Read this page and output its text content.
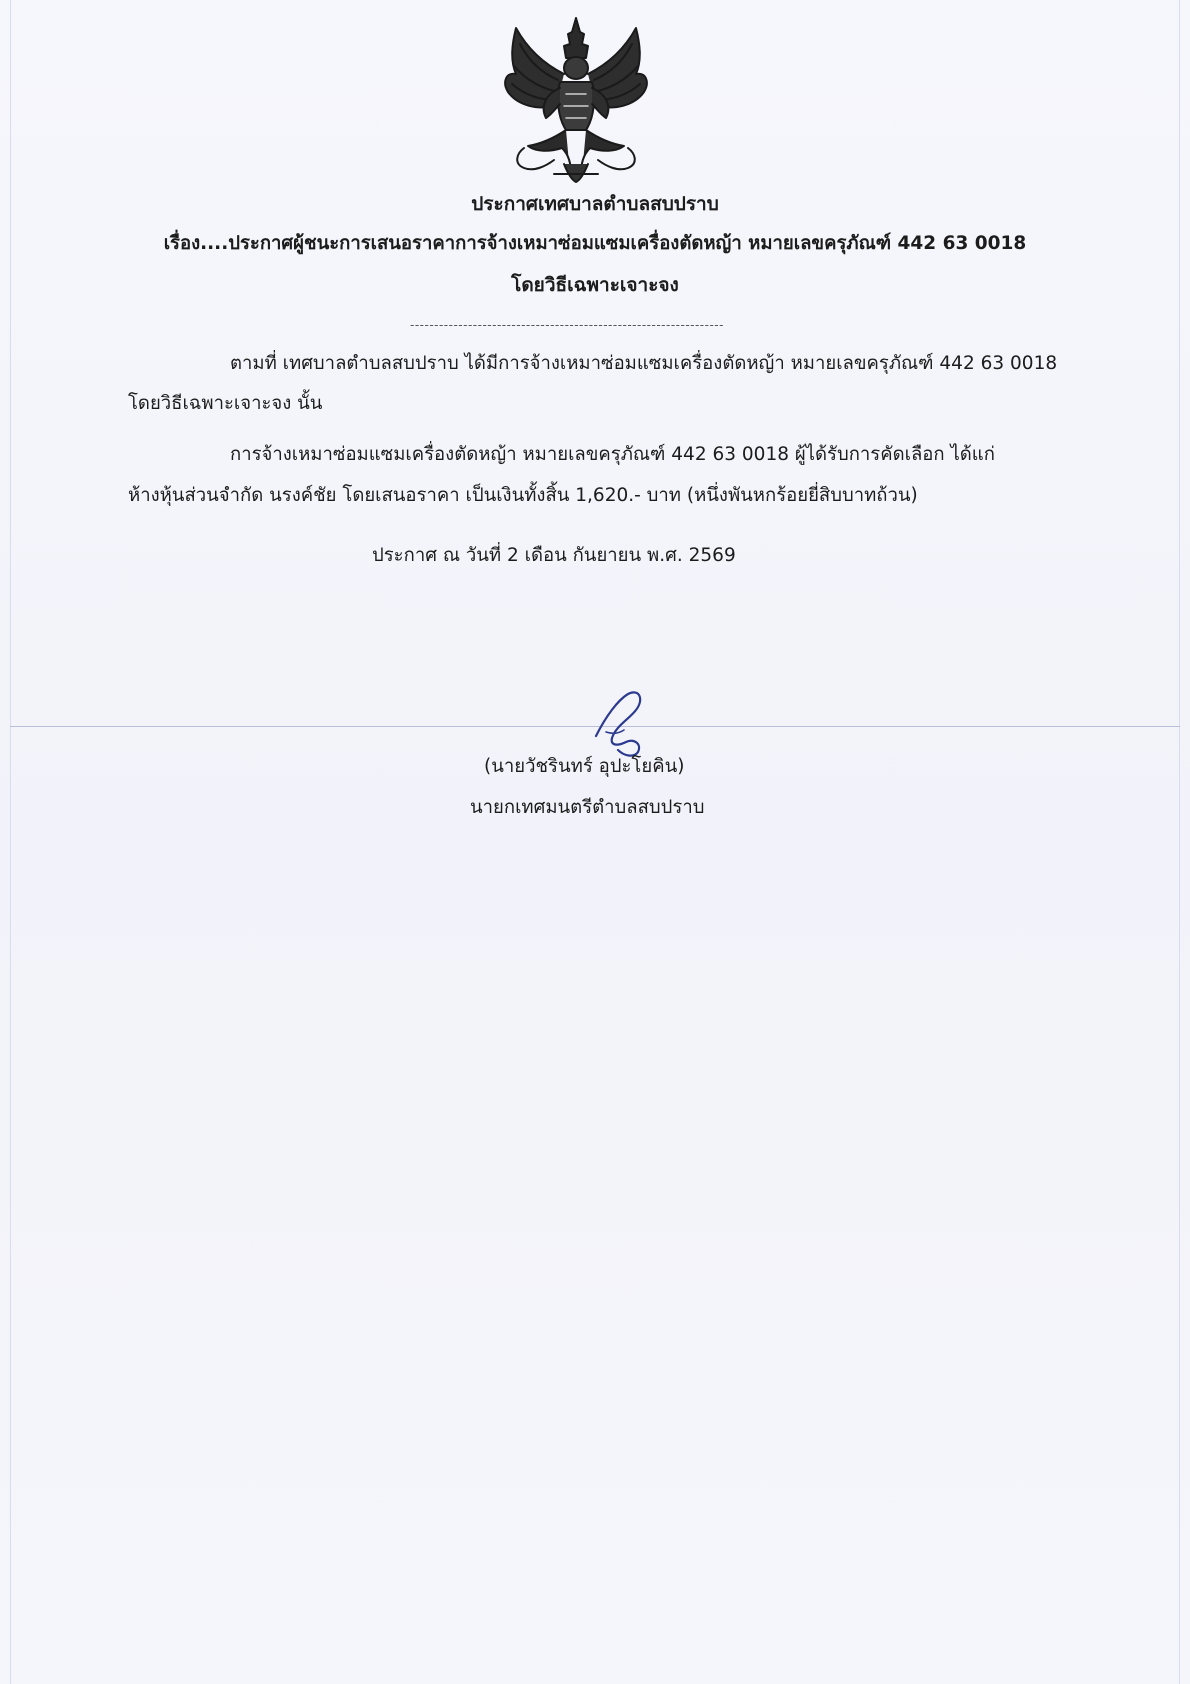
ประกาศเทศบาลตำบลสบปราบ
เรื่อง....ประกาศผู้ชนะการเสนอราคาการจ้างเหมาซ่อมแซมเครื่องตัดหญ้า หมายเลขครุภัณฑ์ 442 63 0018
โดยวิธีเฉพาะเจาะจง
-----------------------------------------------------------------
ตามที่ เทศบาลตำบลสบปราบ ได้มีการจ้างเหมาซ่อมแซมเครื่องตัดหญ้า หมายเลขครุภัณฑ์ 442 63 0018
โดยวิธีเฉพาะเจาะจง นั้น
การจ้างเหมาซ่อมแซมเครื่องตัดหญ้า หมายเลขครุภัณฑ์ 442 63 0018 ผู้ได้รับการคัดเลือก ได้แก่
ห้างหุ้นส่วนจำกัด นรงค์ชัย โดยเสนอราคา เป็นเงินทั้งสิ้น 1,620.- บาท (หนึ่งพันหกร้อยยี่สิบบาทถ้วน)
ประกาศ ณ วันที่ 2 เดือน กันยายน พ.ศ. 2569
(นายวัชรินทร์ อุปะโยคิน)
นายกเทศมนตรีตำบลสบปราบ
